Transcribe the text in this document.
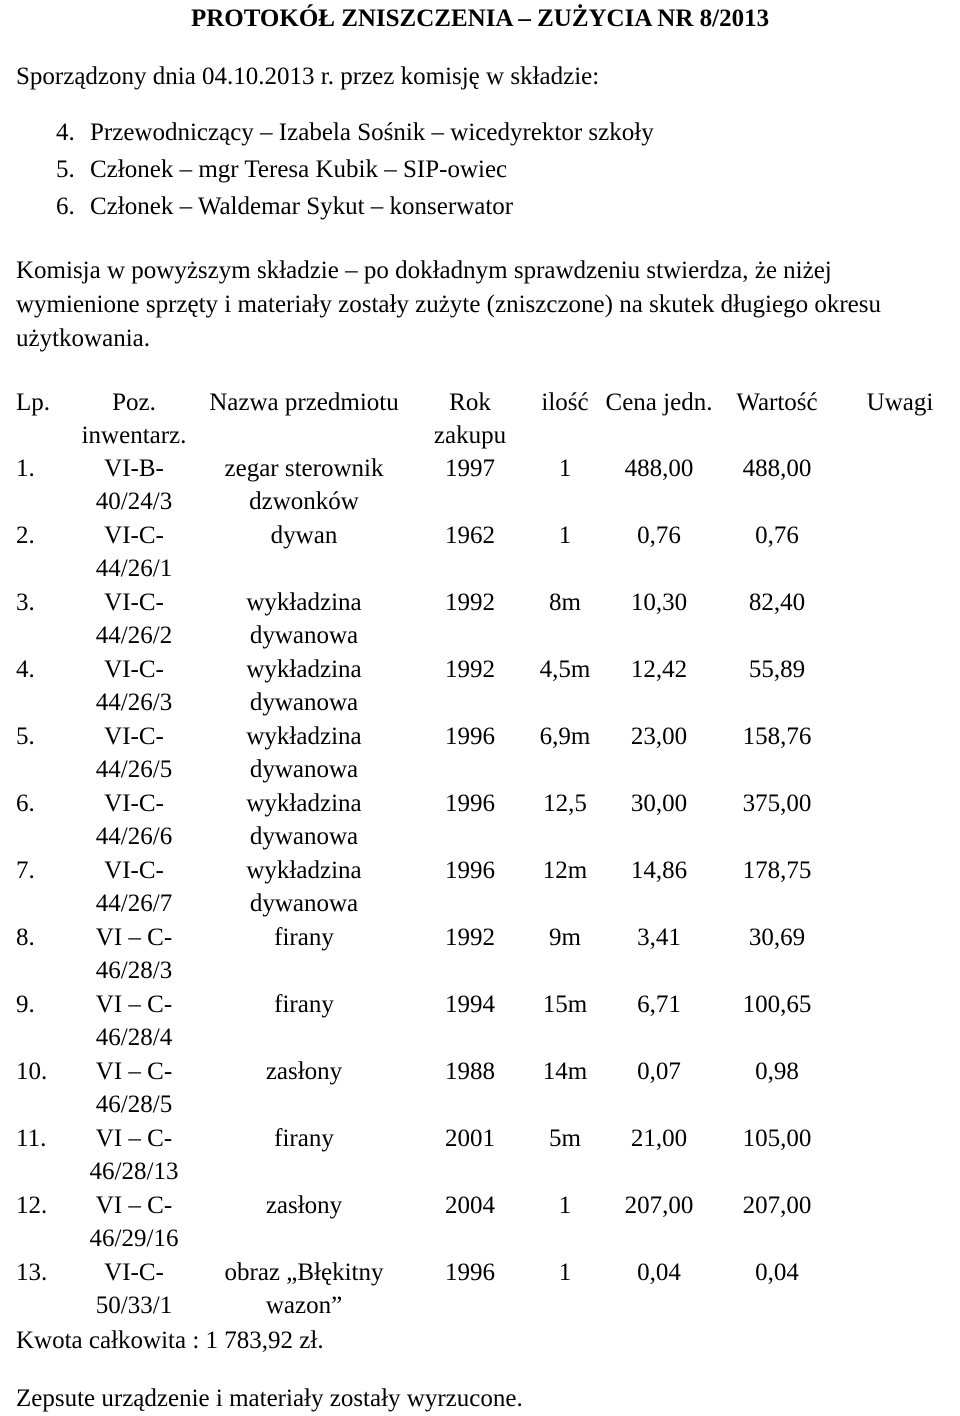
PROTOKÓŁ ZNISZCZENIA – ZUŻYCIA NR 8/2013
Sporządzony dnia 04.10.2013 r. przez komisję w składzie:
4. Przewodniczący – Izabela Sośnik – wicedyrektor szkoły
5. Członek – mgr Teresa Kubik – SIP-owiec
6. Członek – Waldemar Sykut – konserwator
Komisja w powyższym składzie – po dokładnym sprawdzeniu stwierdza, że niżej wymienione sprzęty i materiały zostały zużyte (zniszczone) na skutek długiego okresu użytkowania.
Lp.	Poz. inwentarz.	Nazwa przedmiotu	Rok zakupu	ilość	Cena jedn.	Wartość	Uwagi
1.	VI-B-40/24/3	zegar sterownik dzwonków	1997	1	488,00	488,00	
2.	VI-C-44/26/1	dywan	1962	1	0,76	0,76	
3.	VI-C-44/26/2	wykładzina dywanowa	1992	8m	10,30	82,40	
4.	VI-C-44/26/3	wykładzina dywanowa	1992	4,5m	12,42	55,89	
5.	VI-C-44/26/5	wykładzina dywanowa	1996	6,9m	23,00	158,76	
6.	VI-C-44/26/6	wykładzina dywanowa	1996	12,5	30,00	375,00	
7.	VI-C-44/26/7	wykładzina dywanowa	1996	12m	14,86	178,75	
8.	VI – C-46/28/3	firany	1992	9m	3,41	30,69	
9.	VI – C-46/28/4	firany	1994	15m	6,71	100,65	
10.	VI – C-46/28/5	zasłony	1988	14m	0,07	0,98	
11.	VI – C-46/28/13	firany	2001	5m	21,00	105,00	
12.	VI – C-46/29/16	zasłony	2004	1	207,00	207,00	
13.	VI-C-50/33/1	obraz „Błękitny wazon”	1996	1	0,04	0,04	
Kwota całkowita : 1 783,92 zł.
Zepsute urządzenie i materiały zostały wyrzucone.
